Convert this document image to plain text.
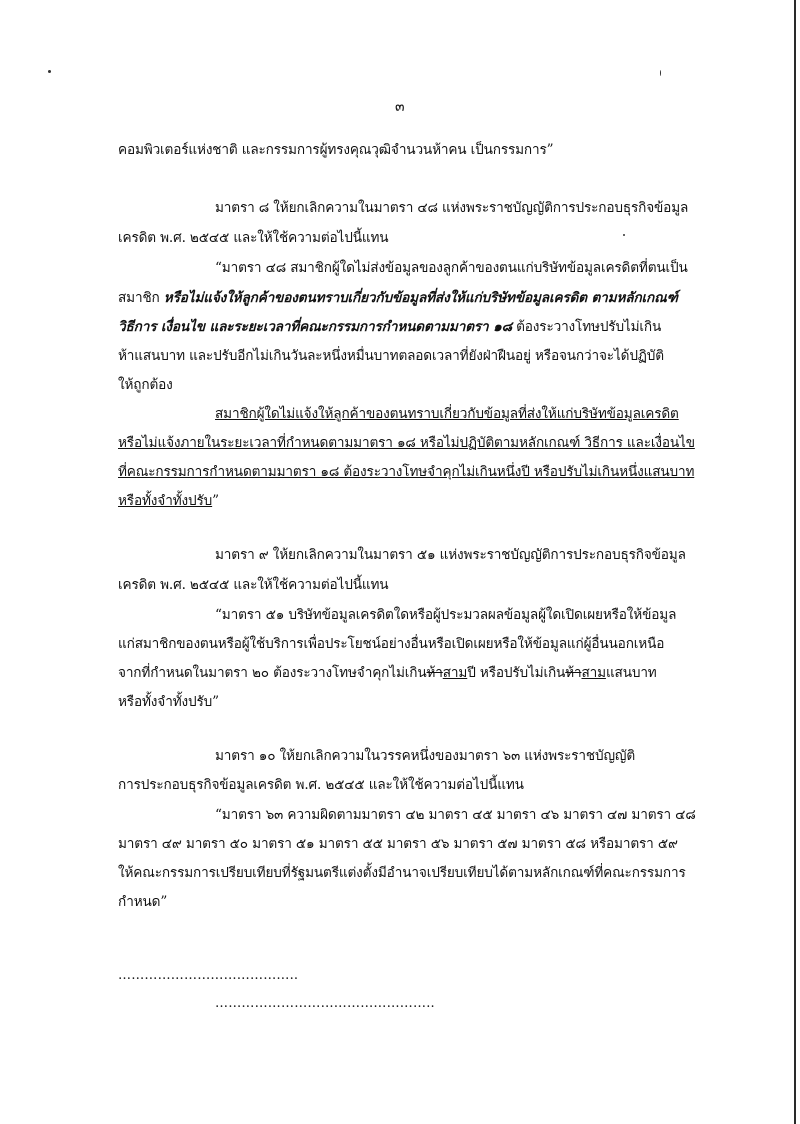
๓
คอมพิวเตอร์แห่งชาติ และกรรมการผู้ทรงคุณวุฒิจำนวนห้าคน เป็นกรรมการ”
มาตรา ๘ ให้ยกเลิกความในมาตรา ๔๘ แห่งพระราชบัญญัติการประกอบธุรกิจข้อมูล
เครดิต พ.ศ. ๒๕๔๕ และให้ใช้ความต่อไปนี้แทน
“มาตรา ๔๘ สมาชิกผู้ใดไม่ส่งข้อมูลของลูกค้าของตนแก่บริษัทข้อมูลเครดิตที่ตนเป็น
สมาชิก หรือไม่แจ้งให้ลูกค้าของตนทราบเกี่ยวกับข้อมูลที่ส่งให้แก่บริษัทข้อมูลเครดิต ตามหลักเกณฑ์
วิธีการ เงื่อนไข และระยะเวลาที่คณะกรรมการกำหนดตามมาตรา ๑๘ ต้องระวางโทษปรับไม่เกิน
ห้าแสนบาท และปรับอีกไม่เกินวันละหนึ่งหมื่นบาทตลอดเวลาที่ยังฝ่าฝืนอยู่ หรือจนกว่าจะได้ปฏิบัติ
ให้ถูกต้อง
สมาชิกผู้ใดไม่แจ้งให้ลูกค้าของตนทราบเกี่ยวกับข้อมูลที่ส่งให้แก่บริษัทข้อมูลเครดิต
หรือไม่แจ้งภายในระยะเวลาที่กำหนดตามมาตรา ๑๘ หรือไม่ปฏิบัติตามหลักเกณฑ์ วิธีการ และเงื่อนไข
ที่คณะกรรมการกำหนดตามมาตรา ๑๘ ต้องระวางโทษจำคุกไม่เกินหนึ่งปี หรือปรับไม่เกินหนึ่งแสนบาท
หรือทั้งจำทั้งปรับ”
มาตรา ๙ ให้ยกเลิกความในมาตรา ๕๑ แห่งพระราชบัญญัติการประกอบธุรกิจข้อมูล
เครดิต พ.ศ. ๒๕๔๕ และให้ใช้ความต่อไปนี้แทน
“มาตรา ๕๑ บริษัทข้อมูลเครดิตใดหรือผู้ประมวลผลข้อมูลผู้ใดเปิดเผยหรือให้ข้อมูล
แก่สมาชิกของตนหรือผู้ใช้บริการเพื่อประโยชน์อย่างอื่นหรือเปิดเผยหรือให้ข้อมูลแก่ผู้อื่นนอกเหนือ
จากที่กำหนดในมาตรา ๒๐ ต้องระวางโทษจำคุกไม่เกินห้าสามปี หรือปรับไม่เกินห้าสามแสนบาท
หรือทั้งจำทั้งปรับ”
มาตรา ๑๐ ให้ยกเลิกความในวรรคหนึ่งของมาตรา ๖๓ แห่งพระราชบัญญัติ
การประกอบธุรกิจข้อมูลเครดิต พ.ศ. ๒๕๔๕ และให้ใช้ความต่อไปนี้แทน
“มาตรา ๖๓ ความผิดตามมาตรา ๔๒ มาตรา ๔๕ มาตรา ๔๖ มาตรา ๔๗ มาตรา ๔๘
มาตรา ๔๙ มาตรา ๕๐ มาตรา ๕๑ มาตรา ๕๕ มาตรา ๕๖ มาตรา ๕๗ มาตรา ๕๘ หรือมาตรา ๕๙
ให้คณะกรรมการเปรียบเทียบที่รัฐมนตรีแต่งตั้งมีอำนาจเปรียบเทียบได้ตามหลักเกณฑ์ที่คณะกรรมการ
กำหนด”
…………………………………..
…………………………………………..
